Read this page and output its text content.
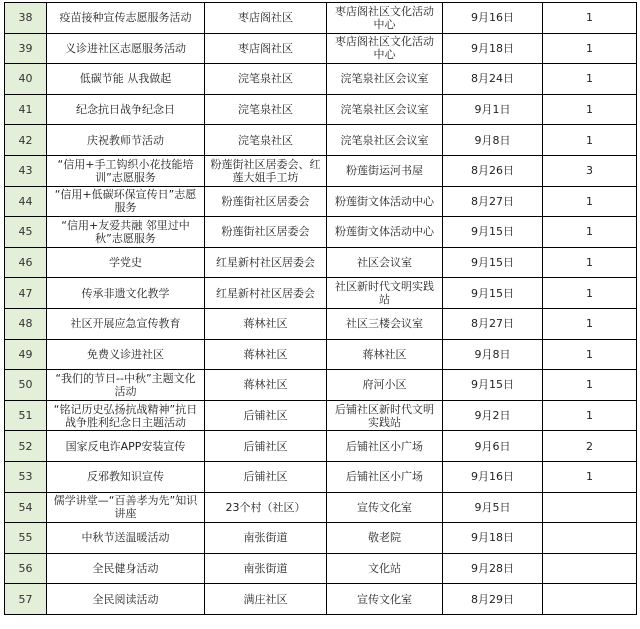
38	疫苗接种宣传志愿服务活动	枣店阁社区	枣店阁社区文化活动中心	9月16日	1
39	义诊进社区志愿服务活动	枣店阁社区	枣店阁社区文化活动中心	9月18日	1
40	低碳节能 从我做起	浣笔泉社区	浣笔泉社区会议室	8月24日	1
41	纪念抗日战争纪念日	浣笔泉社区	浣笔泉社区会议室	9月1日	1
42	庆祝教师节活动	浣笔泉社区	浣笔泉社区会议室	9月8日	1
43	“信用+手工钩织小花技能培训”志愿服务	粉莲街社区居委会、红莲大姐手工坊	粉莲街运河书屋	8月26日	3
44	“信用+低碳环保宣传日”志愿服务	粉莲街社区居委会	粉莲街文体活动中心	8月27日	1
45	“信用+友爱共融 邻里过中秋”志愿服务	粉莲街社区居委会	粉莲街文体活动中心	9月15日	1
46	学党史	红星新村社区居委会	社区会议室	9月15日	1
47	传承非遗文化教学	红星新村社区居委会	社区新时代文明实践站	9月15日	1
48	社区开展应急宣传教育	蒋林社区	社区三楼会议室	8月27日	1
49	免费义诊进社区	蒋林社区	蒋林社区	9月8日	1
50	“我们的节日--中秋”主题文化活动	蒋林社区	府河小区	9月15日	1
51	“铭记历史弘扬抗战精神”抗日战争胜利纪念日主题活动	后铺社区	后铺社区新时代文明实践站	9月2日	1
52	国家反电诈APP安装宣传	后铺社区	后铺社区小广场	9月6日	2
53	反邪教知识宣传	后铺社区	后铺社区小广场	9月16日	1
54	儒学讲堂—“百善孝为先”知识讲座	23个村（社区）	宣传文化室	9月5日	
55	中秋节送温暖活动	南张街道	敬老院	9月18日	
56	全民健身活动	南张街道	文化站	9月28日	
57	全民阅读活动	满庄社区	宣传文化室	8月29日	
